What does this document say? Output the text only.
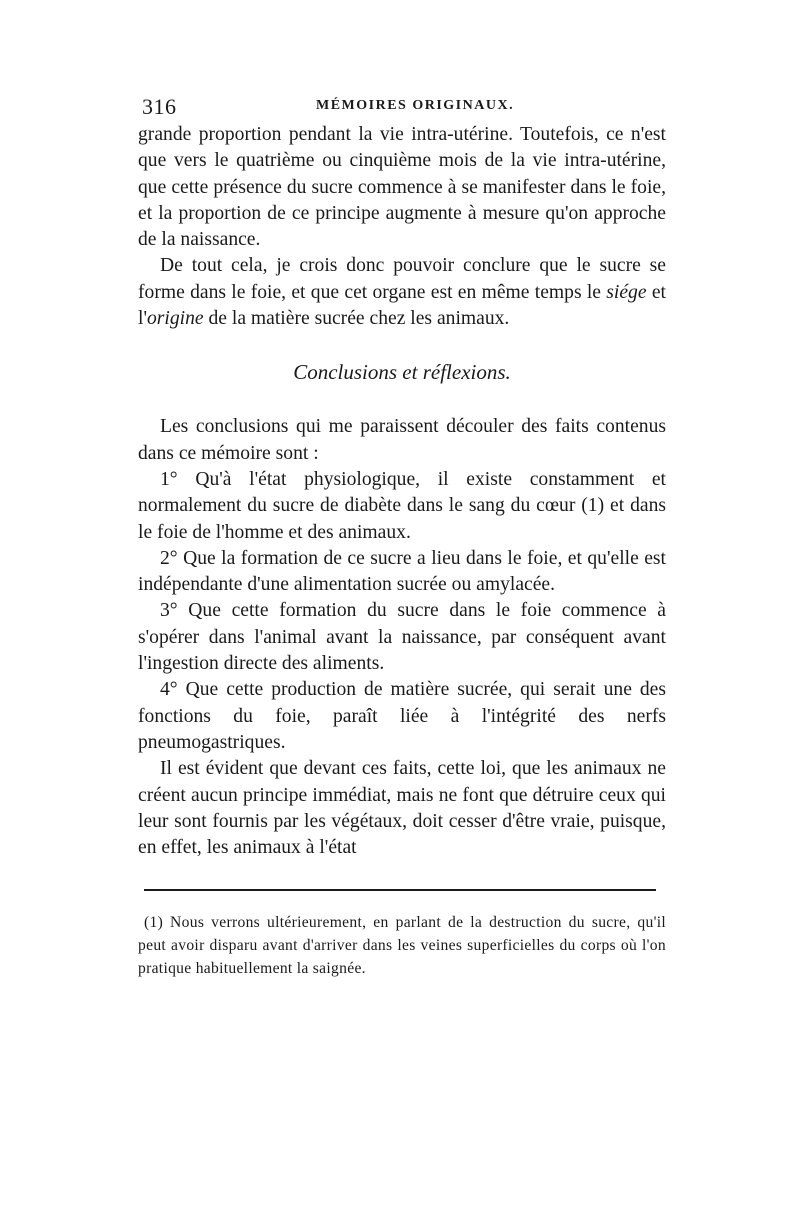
316	MÉMOIRES ORIGINAUX.

grande proportion pendant la vie intra-utérine. Toutefois, ce n'est que vers le quatrième ou cinquième mois de la vie intra-utérine, que cette présence du sucre commence à se manifester dans le foie, et la proportion de ce principe augmente à mesure qu'on approche de la naissance.

De tout cela, je crois donc pouvoir conclure que le sucre se forme dans le foie, et que cet organe est en même temps le siége et l'origine de la matière sucrée chez les animaux.

Conclusions et réflexions.

Les conclusions qui me paraissent découler des faits contenus dans ce mémoire sont :

1° Qu'à l'état physiologique, il existe constamment et normalement du sucre de diabète dans le sang du cœur (1) et dans le foie de l'homme et des animaux.

2° Que la formation de ce sucre a lieu dans le foie, et qu'elle est indépendante d'une alimentation sucrée ou amylacée.

3° Que cette formation du sucre dans le foie commence à s'opérer dans l'animal avant la naissance, par conséquent avant l'ingestion directe des aliments.

4° Que cette production de matière sucrée, qui serait une des fonctions du foie, paraît liée à l'intégrité des nerfs pneumogastriques.

Il est évident que devant ces faits, cette loi, que les animaux ne créent aucun principe immédiat, mais ne font que détruire ceux qui leur sont fournis par les végétaux, doit cesser d'être vraie, puisque, en effet, les animaux à l'état

(1) Nous verrons ultérieurement, en parlant de la destruction du sucre, qu'il peut avoir disparu avant d'arriver dans les veines superficielles du corps où l'on pratique habituellement la saignée.
